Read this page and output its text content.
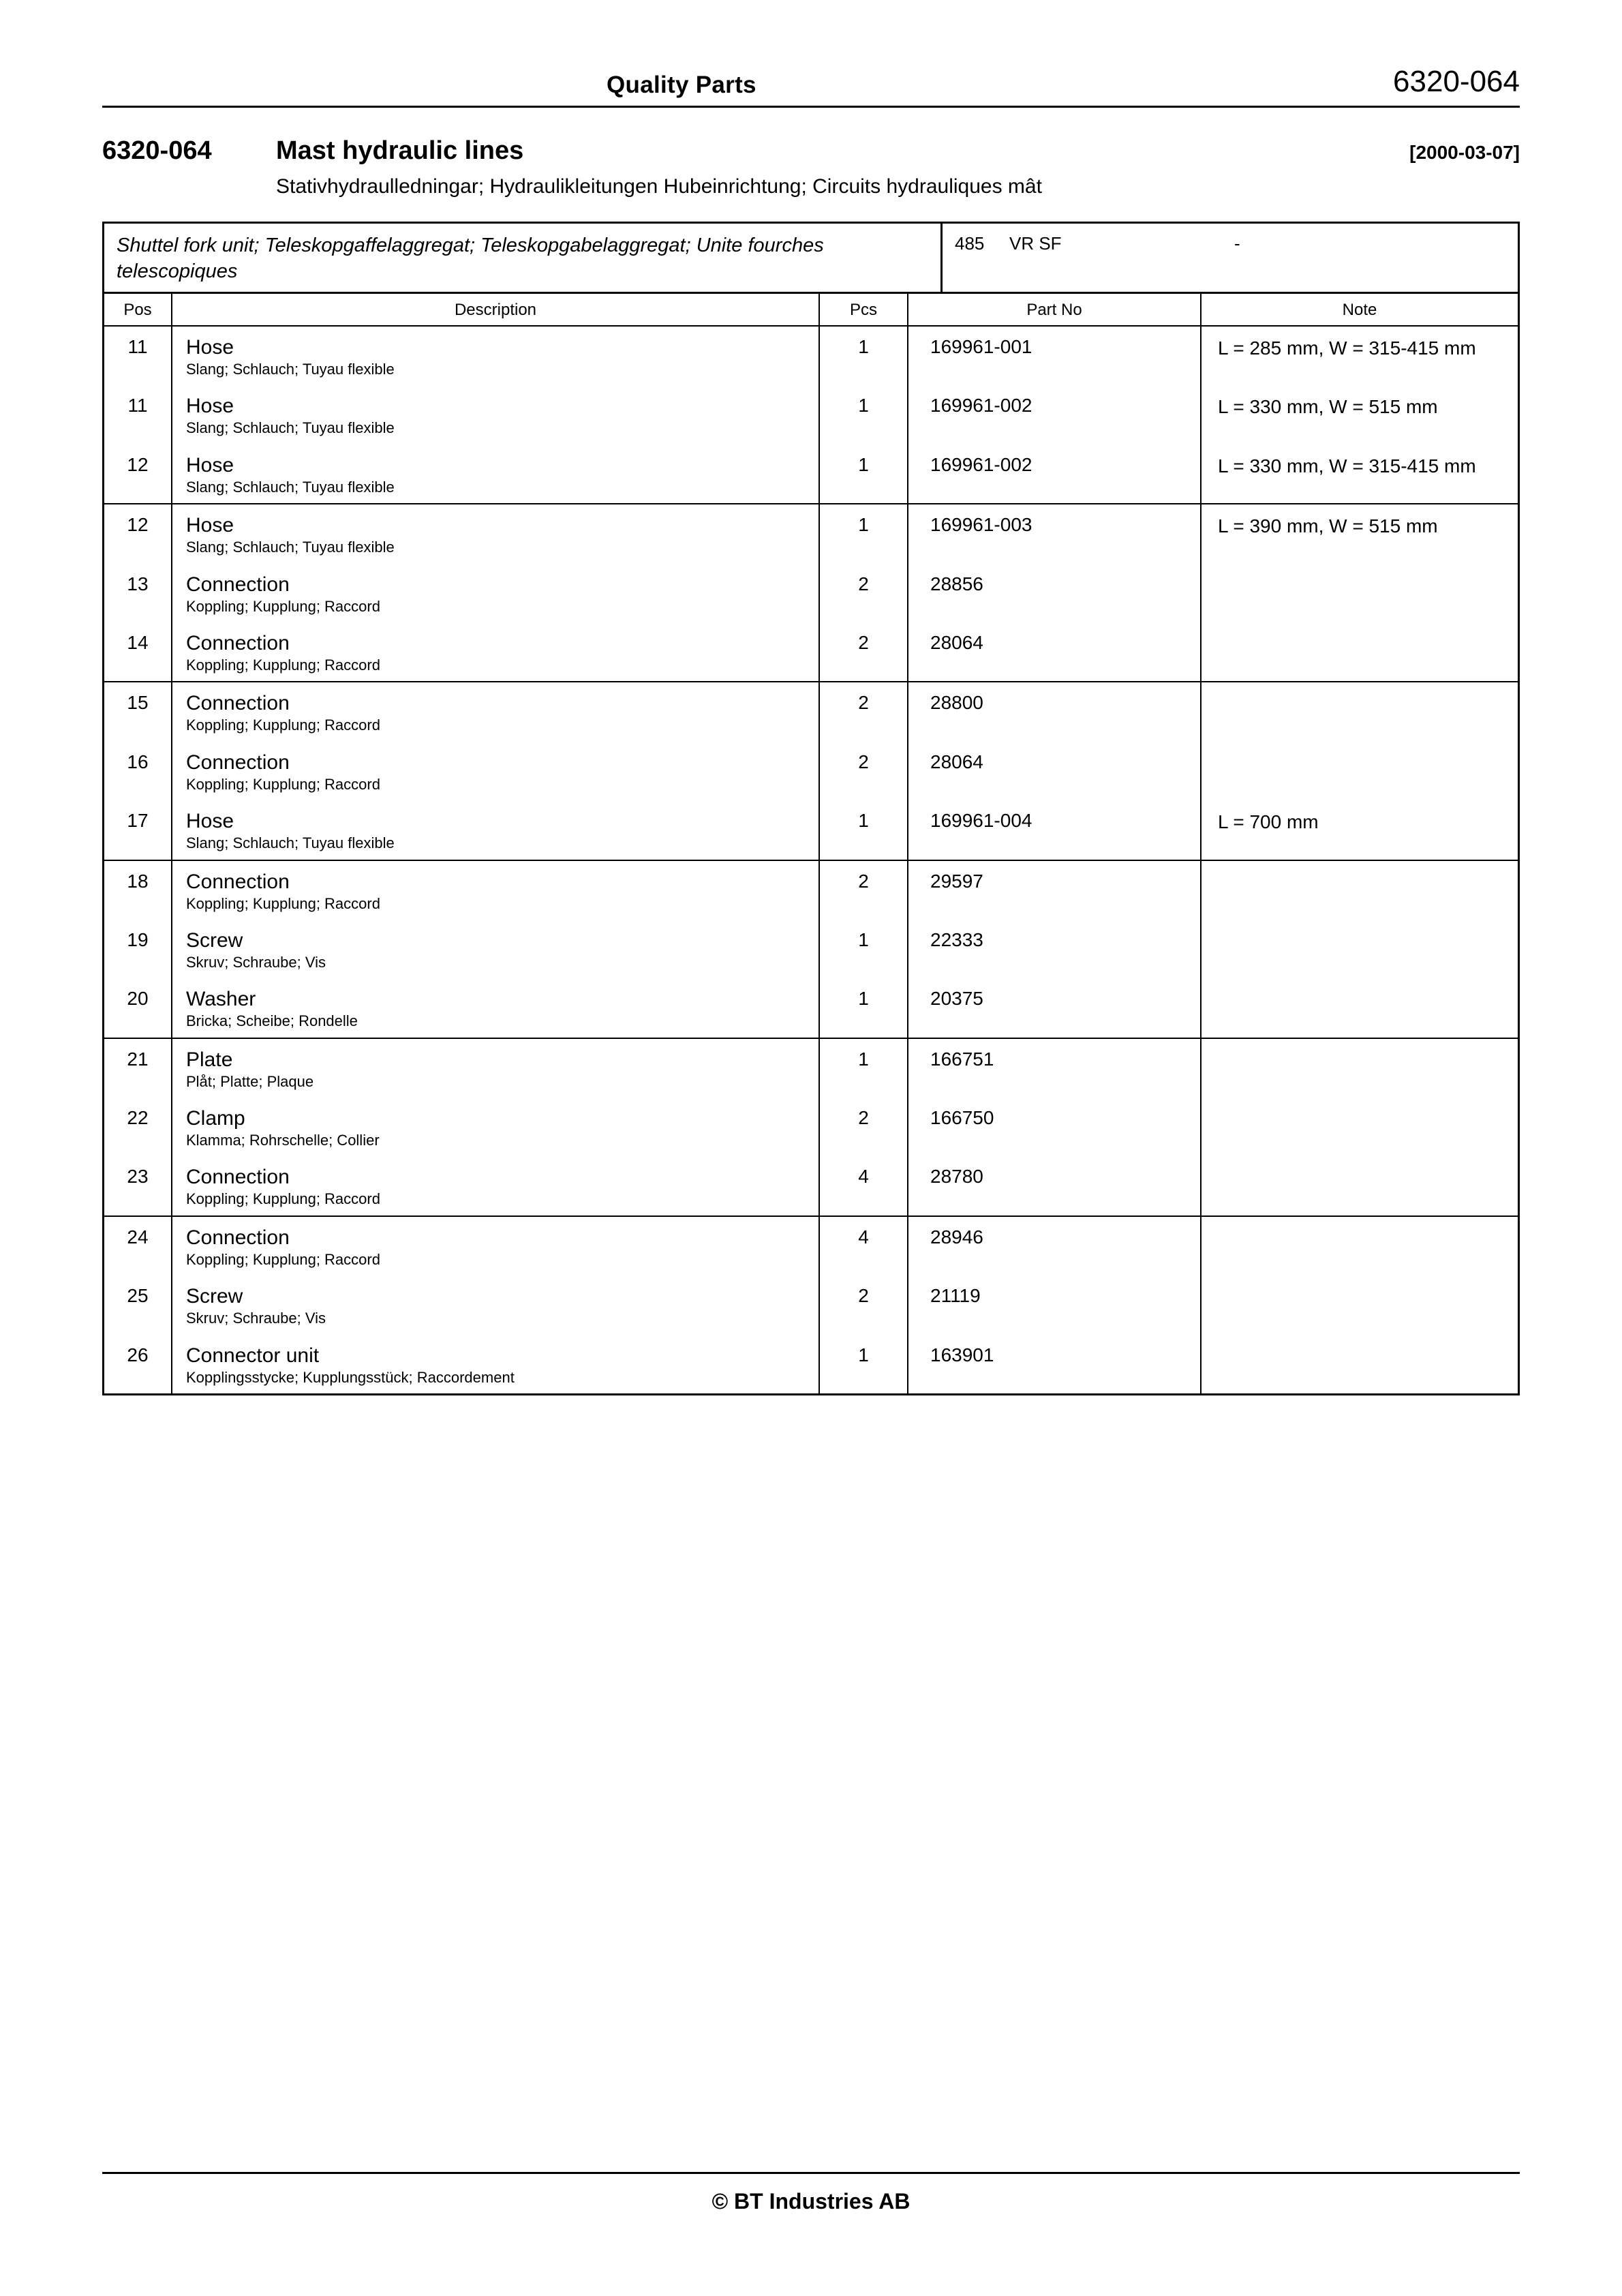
Quality Parts	6320-064
6320-064	Mast hydraulic lines	[2000-03-07]
Stativhydraulledningar; Hydraulikleitungen Hubeinrichtung; Circuits hydrauliques mât
Shuttel fork unit; Teleskopgaffelaggregat; Teleskopgabelaggregat; Unite fourches telescopiques
485	VR SF	-
Pos	Description	Pcs	Part No	Note
11	Hose
Slang; Schlauch; Tuyau flexible
1	169961-001	L = 285 mm, W = 315-415 mm
11	Hose
Slang; Schlauch; Tuyau flexible
1	169961-002	L = 330 mm, W = 515 mm
12	Hose
Slang; Schlauch; Tuyau flexible
1	169961-002	L = 330 mm, W = 315-415 mm
12	Hose
Slang; Schlauch; Tuyau flexible
1	169961-003	L = 390 mm, W = 515 mm
13	Connection
Koppling; Kupplung; Raccord
2	28856
14	Connection
Koppling; Kupplung; Raccord
2	28064
15	Connection
Koppling; Kupplung; Raccord
2	28800
16	Connection
Koppling; Kupplung; Raccord
2	28064
17	Hose
Slang; Schlauch; Tuyau flexible
1	169961-004	L = 700 mm
18	Connection
Koppling; Kupplung; Raccord
2	29597
19	Screw
Skruv; Schraube; Vis
1	22333
20	Washer
Bricka; Scheibe; Rondelle
1	20375
21	Plate
Plåt; Platte; Plaque
1	166751
22	Clamp
Klamma; Rohrschelle; Collier
2	166750
23	Connection
Koppling; Kupplung; Raccord
4	28780
24	Connection
Koppling; Kupplung; Raccord
4	28946
25	Screw
Skruv; Schraube; Vis
2	21119
26	Connector unit
Kopplingsstycke; Kupplungsstück; Raccordement
1	163901
© BT Industries AB
